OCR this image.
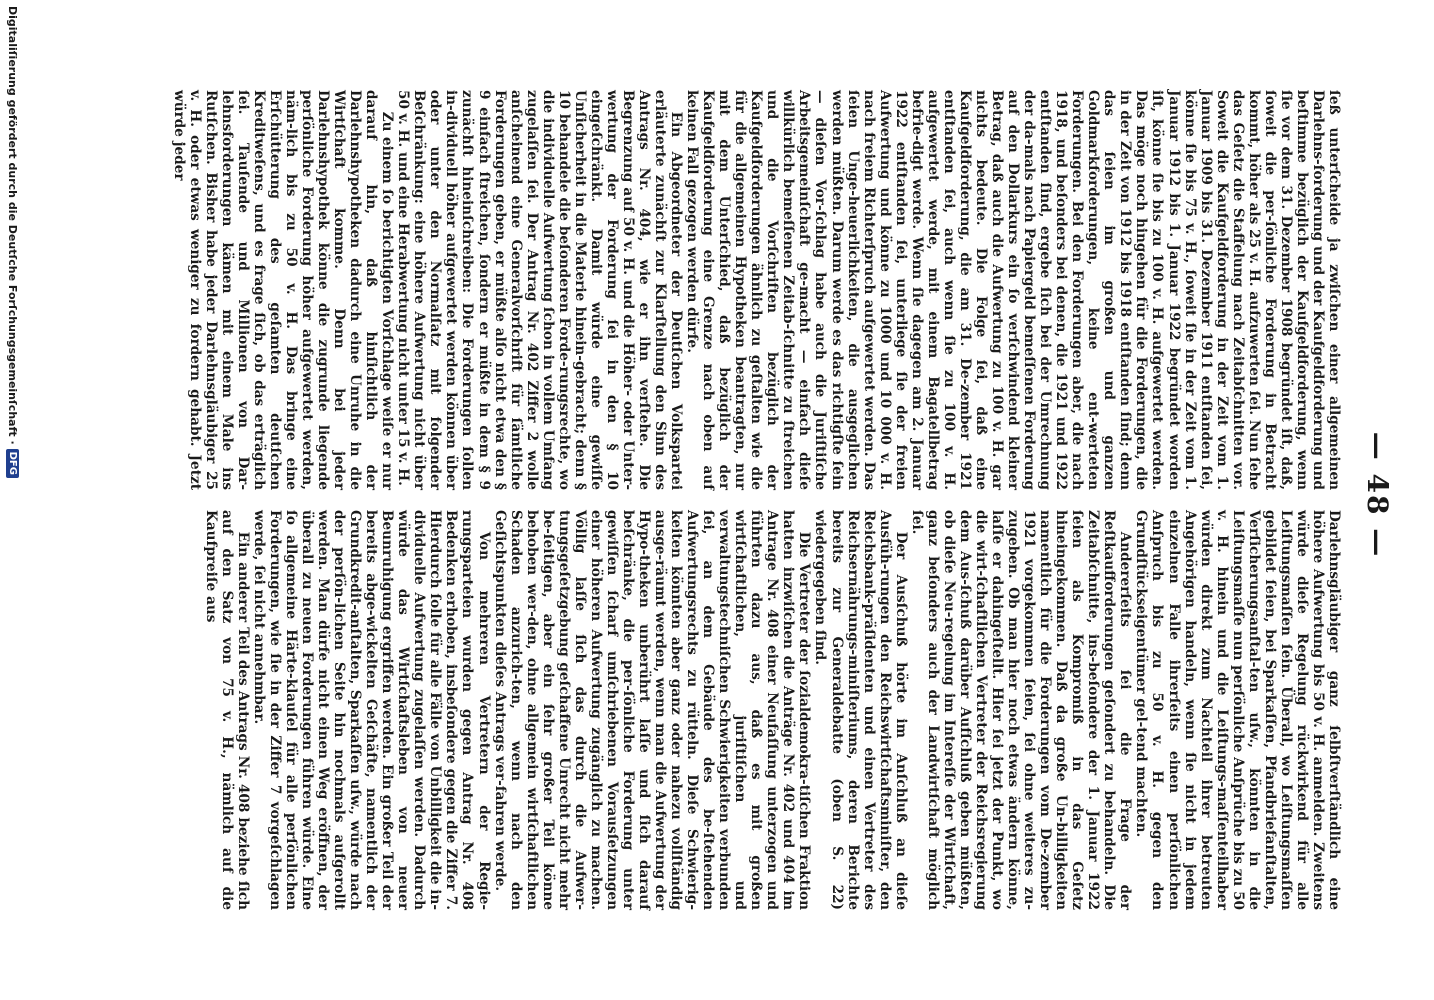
— 48 —

ſeß unterſcheide ja zwiſchen einer allgemeinen Darlehns-forderung und der Kaufgeldforderung und beſtimme bezüglich der Kaufgeldforderung, wenn ſie vor dem 31. Dezember 1908 begründet iſt, daß, ſoweit die per-ſönliche Forderung in Betracht kommt, höher als 25 v. H. aufzuwerten ſei. Nun ſehe das Geſetz die Staffelung nach Zeitabſchnitten vor. Soweit die Kaufgeldforderung in der Zeit vom 1. Januar 1909 bis 31. Dezember 1911 entſtanden ſei, könne ſie bis 75 v. H., ſoweit ſie in der Zeit vom 1. Januar 1912 bis 1. Januar 1922 begründet worden iſt, könne ſie bis zu 100 v. H. aufgewertet werden. Das möge noch hingehen für die Forderungen, die in der Zeit von 1912 bis 1918 entſtanden ſind; denn das ſeien im großen und ganzen Goldmarkforderungen, keine ent-werteten Forderungen. Bei den Forderungen aber, die nach 1918, und beſonders bei denen, die 1921 und 1922 entſtanden ſind, ergebe ſich bei der Umrechnung der da-mals nach Papiergeld bemeſſenen Forderung auf den Dollarkurs ein ſo verſchwindend kleiner Betrag, daß auch die Aufwertung zu 100 v. H. gar nichts bedeute. Die Folge ſei, daß eine Kaufgeldforderung, die am 31. De-zember 1921 entſtanden ſei, auch wenn ſie zu 100 v. H. aufgewertet werde, mit einem Bagatellbetrag befrie-digt werde. Wenn ſie dagegen am 2. Januar 1922 entſtanden ſei, unterliege ſie der freien Aufwertung und könne zu 1000 und 10 000 v. H. nach freiem Richterſpruch aufgewertet werden. Das ſeien Unge-heuerlichkeiten, die ausgeglichen werden müßten. Darum werde es das richtigſte ſein — dieſen Vor-ſchlag habe auch die Juriſtiſche Arbeitsgemeinſchaft ge-macht — einfach dieſe willkürlich bemeſſenen Zeitab-ſchnitte zu ſtreichen und die Vorſchriften bezüglich der Kaufgeldforderungen ähnlich zu geſtalten wie die für die allgemeinen Hypotheken beantragten, nur mit dem Unterſchied, daß bezüglich der Kaufgeldforderung eine Grenze nach oben auf keinen Fall gezogen werden dürfe.

Ein Abgeordneter der Deutſchen Volkspartei erläuterte zunächſt zur Klarſtellung den Sinn des Antrags Nr. 404, wie er ihn verſtehe. Die Begrenzung auf 50 v. H. und die Höher- oder Unter-wertung der Forderung ſei in den § 10 eingeſchränkt. Damit würde eine gewiſſe Unſicherheit in die Materie hinein-gebracht; denn § 10 behandele die beſonderen Forde-rungsrechte, wo die individuelle Aufwertung ſchon in vollem Umfang zugelaſſen ſei. Der Antrag Nr. 402 Ziffer 2 wolle anſcheinend eine Generalvorſchrift für ſämtliche Forderungen geben, er müßte alſo nicht etwa den § 9 einfach ſtreichen, ſondern er müßte in dem § 9 zunächſt hineinſchreiben: Die Forderungen ſollen in-dividuell höher aufgewertet werden können über oder unter den Normalſatz mit folgender Beſchränkung: eine höhere Aufwertung nicht über 50 v. H. und eine Herabwertung nicht unter 15 v. H.

Zu einem ſo berichtigten Vorſchlage weiſe er nur darauf hin, daß hinſichtlich der Darlehnshypotheken dadurch eine Unruhe in die Wirtſchaft komme. Denn bei jeder Darlehnshypothek könne die zugrunde liegende perſönliche Forderung höher aufgewertet werden, näm-lich bis zu 50 v. H. Das bringe eine Erſchütterung des geſamten deutſchen Kreditweſens, und es frage ſich, ob das erträglich ſei. Tauſende und Millionen von Dar-lehnsforderungen kämen mit einem Male ins Rutſchen. Bisher habe jeder Darlehnsgläubiger 25 v. H. oder etwas weniger zu fordern gehabt. Jetzt würde jeder

Darlehnsgläubiger ganz ſelbſtverſtändlich eine höhere Aufwertung bis 50 v. H. anmelden. Zweitens würde dieſe Regelung rückwirkend für alle Leiſtungsmaſſen ſein. Überall, wo Leiſtungsmaſſen gebildet ſeien, bei Sparkaſſen, Pfandbriefanſtalten, Verſicherungsanſtal-ten uſw., könnten in die Leiſtungsmaſſe nun perſönliche Anſprüche bis zu 50 v. H. hinein und die Leiſtungs-maſſenteilhaber würden direkt zum Nachteil ihrer betreuten Angehörigen handeln, wenn ſie nicht in jedem einzelnen Falle ihrerſeits einen perſönlichen Anſpruch bis zu 50 v. H. gegen den Grundſtückseigentümer gel-tend machten.

Andererſeits ſei die Frage der Reſtkaufforderungen geſondert zu behandeln. Die Zeitabſchnitte, ins-beſondere der 1. Januar 1922 ſeien als Kompromiß in das Geſetz hineingekommen. Daß da große Un-billigkeiten namentlich für die Forderungen vom De-zember 1921 vorgekommen ſeien, ſei ohne weiteres zu-zugeben. Ob man hier noch etwas ändern könne, laſſe er dahingeſtellt. Hier ſei jetzt der Punkt, wo die wirt-ſchaftlichen Vertreter der Reichsregierung dem Aus-ſchuß darüber Aufſchluß geben müßten, ob dieſe Neu-regelung im Intereſſe der Wirtſchaft, ganz beſonders auch der Landwirtſchaft möglich ſei.

Der Ausſchuß hörte im Anſchluß an dieſe Ausfüh-rungen den Reichswirtſchaftsminiſter, den Reichsbank-präſidenten und einen Vertreter des Reichsernährungs-miniſteriums, deren Berichte bereits zur Generaldebatte (oben S. 22) wiedergegeben ſind.

Die Vertreter der ſozialdemokra-tiſchen Fraktion hatten inzwiſchen die Anträge Nr. 402 und 404 im Antrage Nr. 408 einer Neufaſſung unterzogen und führten dazu aus, daß es mit großen wirtſchaftlichen, juriſtiſchen und verwaltungstechniſchen Schwierigkeiten verbunden ſei, an dem Gebäude des be-ſtehenden Aufwertungsrechts zu rütteln. Dieſe Schwierig-keiten könnten aber ganz oder nahezu vollſtändig ausge-räumt werden, wenn man die Aufwertung der Hypo-theken unberührt laſſe und ſich darauf beſchränke, die per-ſönliche Forderung unter gewiſſen ſcharf umſchriebenen Vorausſetzungen einer höheren Aufwertung zugänglich zu machen. Völlig laſſe ſich das durch die Aufwer-tungsgeſetzgebung geſchaffene Unrecht nicht mehr be-ſeitigen, aber ein ſehr großer Teil könne behoben wer-den, ohne allgemein wirtſchaftlichen Schaden anzurich-ten, wenn nach den Geſichtspunkten dieſes Antrags ver-fahren werde.

Von mehreren Vertretern der Regie-rungsparteien wurden gegen Antrag Nr. 408 Bedenken erhoben, insbeſondere gegen die Ziffer 7. Hierdurch ſolle für alle Fälle von Unbilligkeit die in-dividuelle Aufwertung zugelaſſen werden. Dadurch würde das Wirtſchaftsleben von neuer Beunruhigung ergriffen werden. Ein großer Teil der bereits abge-wickelten Geſchäfte, namentlich der Grundkredit-anſtalten, Sparkaſſen uſw., würde nach der perſön-lichen Seite hin nochmals aufgerollt werden. Man dürfe nicht einen Weg eröffnen, der überall zu neuen Forderungen führen würde. Eine ſo allgemeine Härte-klauſel für alle perſönlichen Forderungen, wie ſie in der Ziffer 7 vorgeſchlagen werde, ſei nicht annehmbar.

Ein anderer Teil des Antrags Nr. 408 beziehe ſich auf den Satz von 75 v. H., nämlich auf die Kaufpreiſe aus

Digitaliſierung gefördert durch die Deutſche Forſchungsgemeinſchaft ·
DFG
